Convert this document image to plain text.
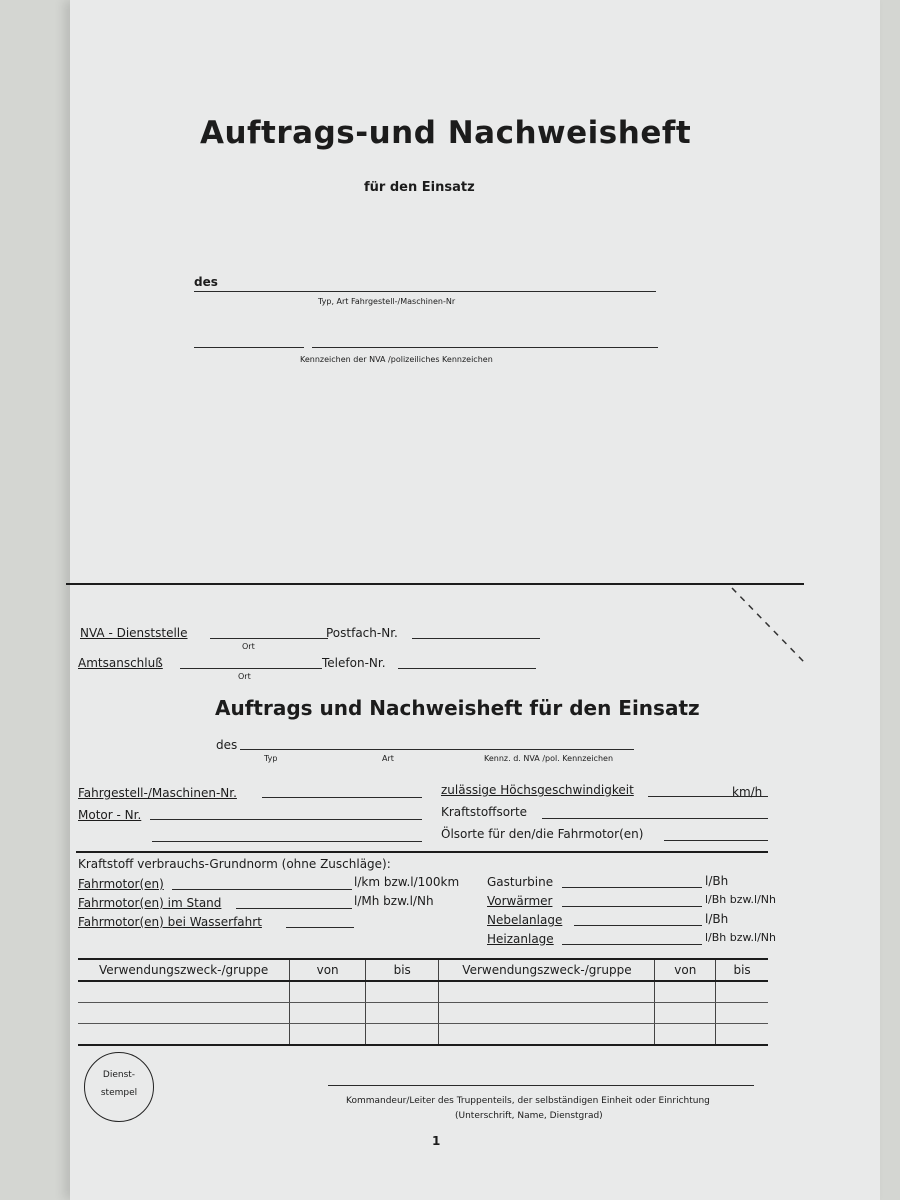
Auftrags-und Nachweisheft
für den Einsatz
des
Typ, Art Fahrgestell-/Maschinen-Nr
Kennzeichen der NVA /polizeiliches Kennzeichen
NVA - Dienststelle
Ort
Postfach-Nr.
Amtsanschluß
Ort
Telefon-Nr.
Auftrags und Nachweisheft für den Einsatz
des
Typ	Art	Kennz. d. NVA /pol. Kennzeichen
Fahrgestell-/Maschinen-Nr.	zulässige Höchsgeschwindigkeit	km/h
Motor - Nr.	Kraftstoffsorte
Ölsorte für den/die Fahrmotor(en)
Kraftstoff verbrauchs-Grundnorm (ohne Zuschläge):
Fahrmotor(en)	l/km bzw.l/100km
Fahrmotor(en) im Stand	l/Mh bzw.l/Nh
Fahrmotor(en) bei Wasserfahrt
Gasturbine	l/Bh
Vorwärmer	l/Bh bzw.l/Nh
Nebelanlage	l/Bh
Heizanlage	l/Bh bzw.l/Nh
Verwendungszweck-/gruppe	von	bis	Verwendungszweck-/gruppe	von	bis

Dienst-
stempel
Kommandeur/Leiter des Truppenteils, der selbständigen Einheit oder Einrichtung
(Unterschrift, Name, Dienstgrad)
1
